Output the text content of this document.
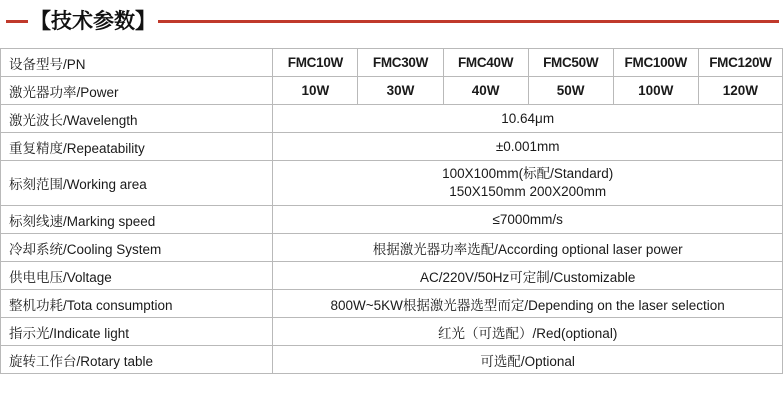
【技术参数】
设备型号/PN	FMC10W	FMC30W	FMC40W	FMC50W	FMC100W	FMC120W
激光器功率/Power	10W	30W	40W	50W	100W	120W
激光波长/Wavelength	10.64μm					
重复精度/Repeatability	±0.001mm					
标刻范围/Working area	100X100mm(标配/Standard)
150X150mm 200X200mm					

标刻线速/Marking speed	≤7000mm/s					
冷却系统/Cooling System	根据激光器功率选配/According optional laser power					
供电电压/Voltage	AC/220V/50Hz可定制/Customizable					
整机功耗/Tota consumption	800W~5KW根据激光器选型而定/Depending on the laser selection					
指示光/Indicate light	红光（可选配）/Red(optional)					
旋转工作台/Rotary table	可选配/Optional					
